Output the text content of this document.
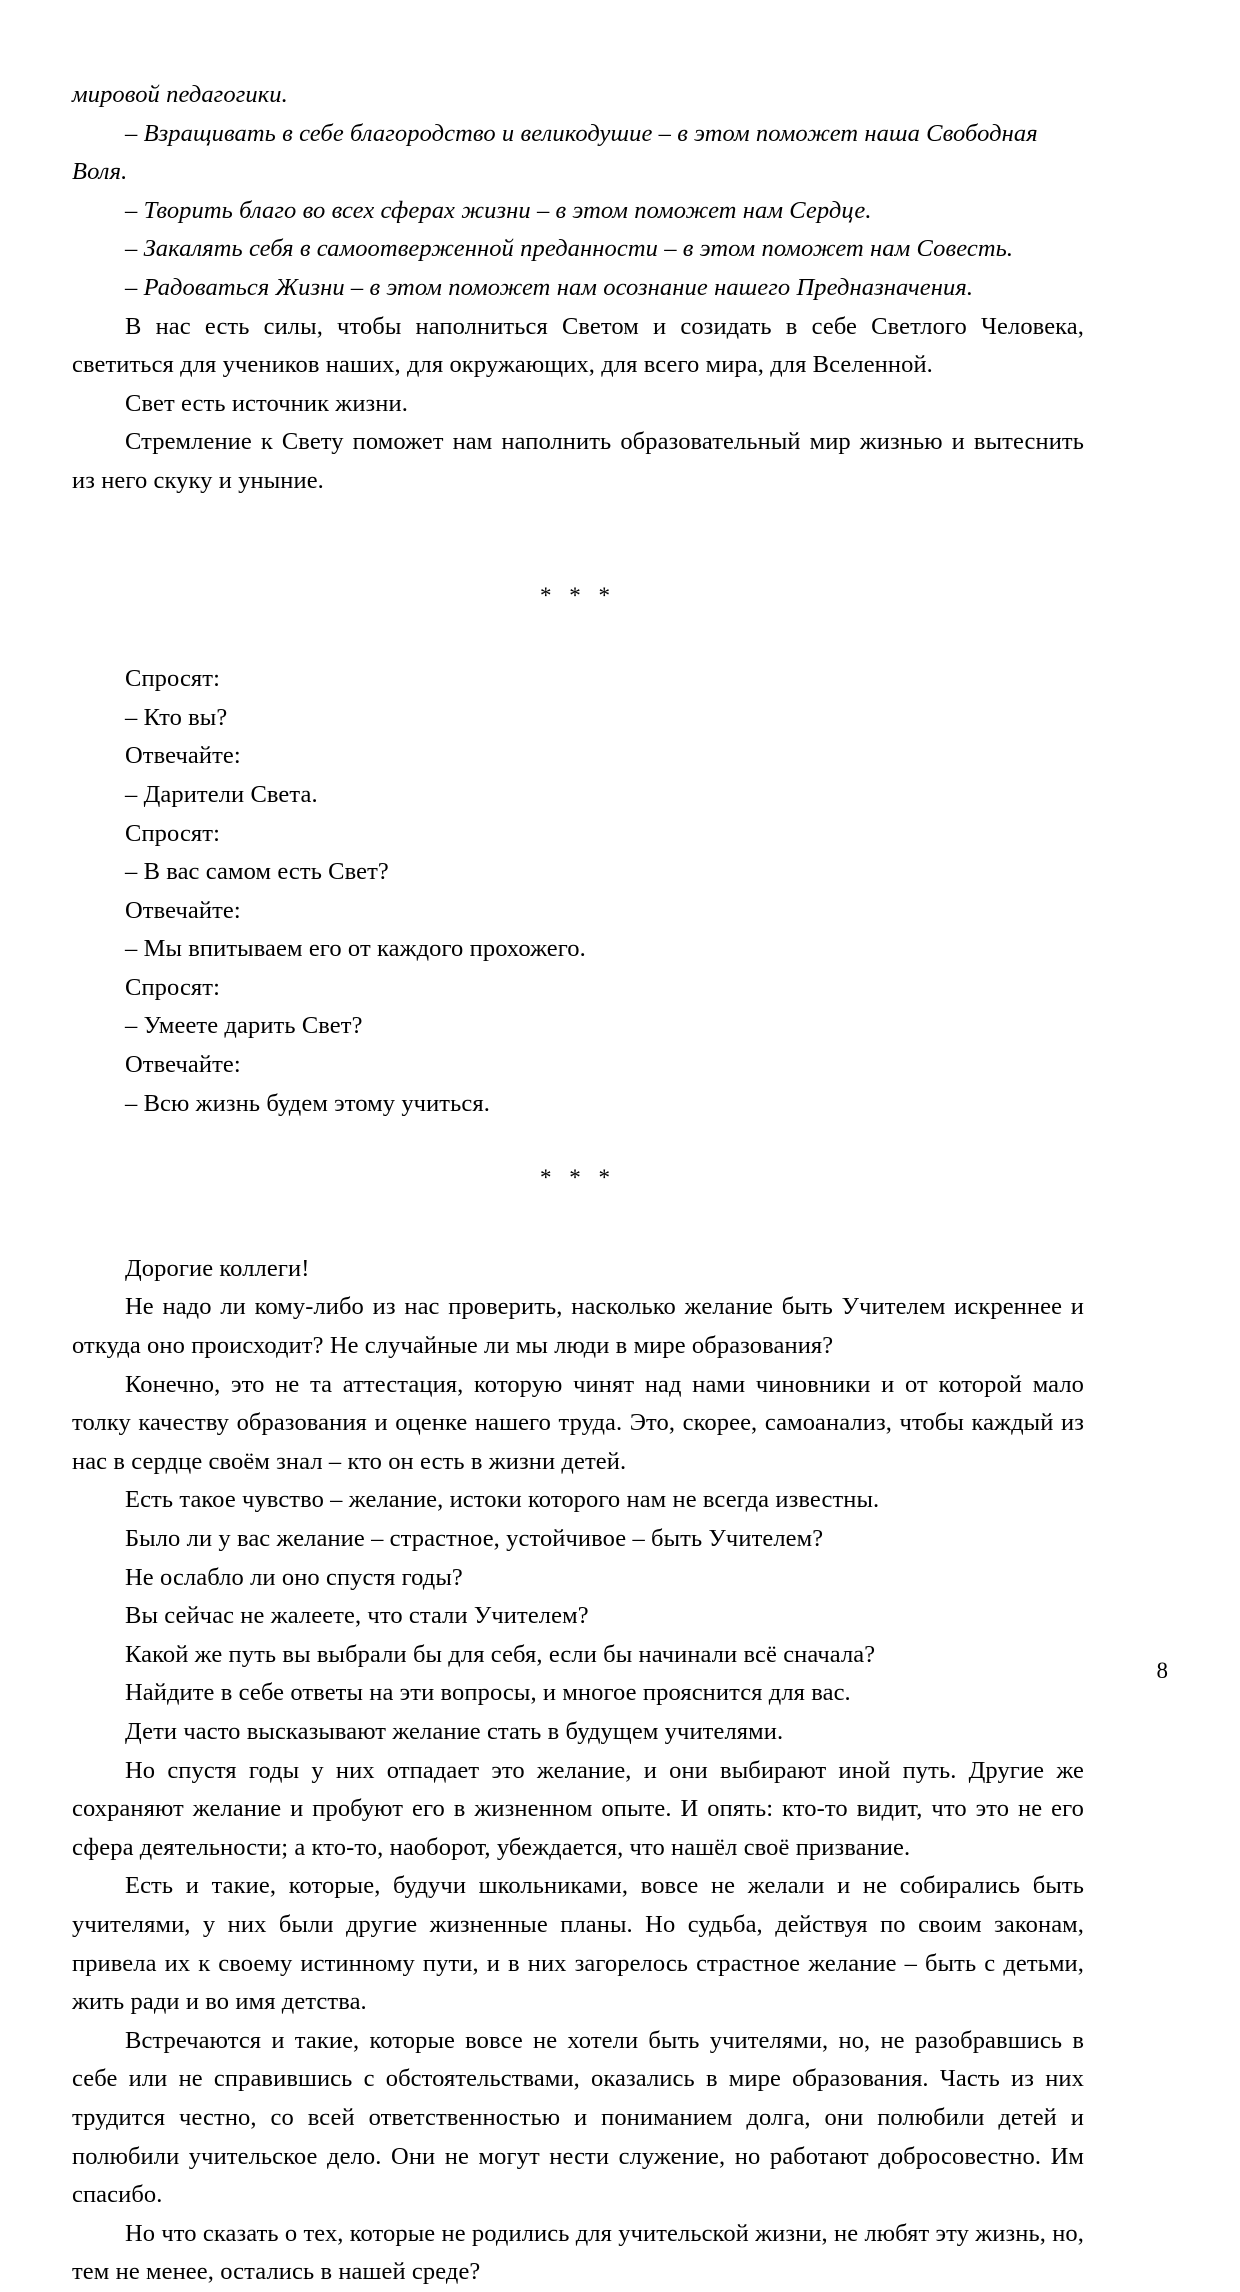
мировой педагогики.

– Взращивать в себе благородство и великодушие – в этом поможет наша Свободная Воля.

– Творить благо во всех сферах жизни – в этом поможет нам Сердце.

– Закалять себя в самоотверженной преданности – в этом поможет нам Совесть.

– Радоваться Жизни – в этом поможет нам осознание нашего Предназначения.

В нас есть силы, чтобы наполниться Светом и созидать в себе Светлого Человека, светиться для учеников наших, для окружающих, для всего мира, для Вселенной.

Свет есть источник жизни.

Стремление к Свету поможет нам наполнить образовательный мир жизнью и вытеснить из него скуку и уныние.

* * *

Спросят:

– Кто вы?

Отвечайте:

– Дарители Света.

Спросят:

– В вас самом есть Свет?

Отвечайте:

– Мы впитываем его от каждого прохожего.

Спросят:

– Умеете дарить Свет?

Отвечайте:

– Всю жизнь будем этому учиться.

* * *

Дорогие коллеги!

Не надо ли кому-либо из нас проверить, насколько желание быть Учителем искреннее и откуда оно происходит? Не случайные ли мы люди в мире образования?

Конечно, это не та аттестация, которую чинят над нами чиновники и от которой мало толку качеству образования и оценке нашего труда. Это, скорее, самоанализ, чтобы каждый из нас в сердце своём знал – кто он есть в жизни детей.

Есть такое чувство – желание, истоки которого нам не всегда известны.

Было ли у вас желание – страстное, устойчивое – быть Учителем?

Не ослабло ли оно спустя годы?

Вы сейчас не жалеете, что стали Учителем?

Какой же путь вы выбрали бы для себя, если бы начинали всё сначала?

Найдите в себе ответы на эти вопросы, и многое прояснится для вас.

Дети часто высказывают желание стать в будущем учителями.

Но спустя годы у них отпадает это желание, и они выбирают иной путь. Другие же сохраняют желание и пробуют его в жизненном опыте. И опять: кто-то видит, что это не его сфера деятельности; а кто-то, наоборот, убеждается, что нашёл своё призвание.

Есть и такие, которые, будучи школьниками, вовсе не желали и не собирались быть учителями, у них были другие жизненные планы. Но судьба, действуя по своим законам, привела их к своему истинному пути, и в них загорелось страстное желание – быть с детьми, жить ради и во имя детства.

Встречаются и такие, которые вовсе не хотели быть учителями, но, не разобравшись в себе или не справившись с обстоятельствами, оказались в мире образования. Часть из них трудится честно, со всей ответственностью и пониманием долга, они полюбили детей и полюбили учительское дело. Они не могут нести служение, но работают добросовестно. Им спасибо.

Но что сказать о тех, которые не родились для учительской жизни, не любят эту жизнь, но, тем не менее, остались в нашей среде?

8
